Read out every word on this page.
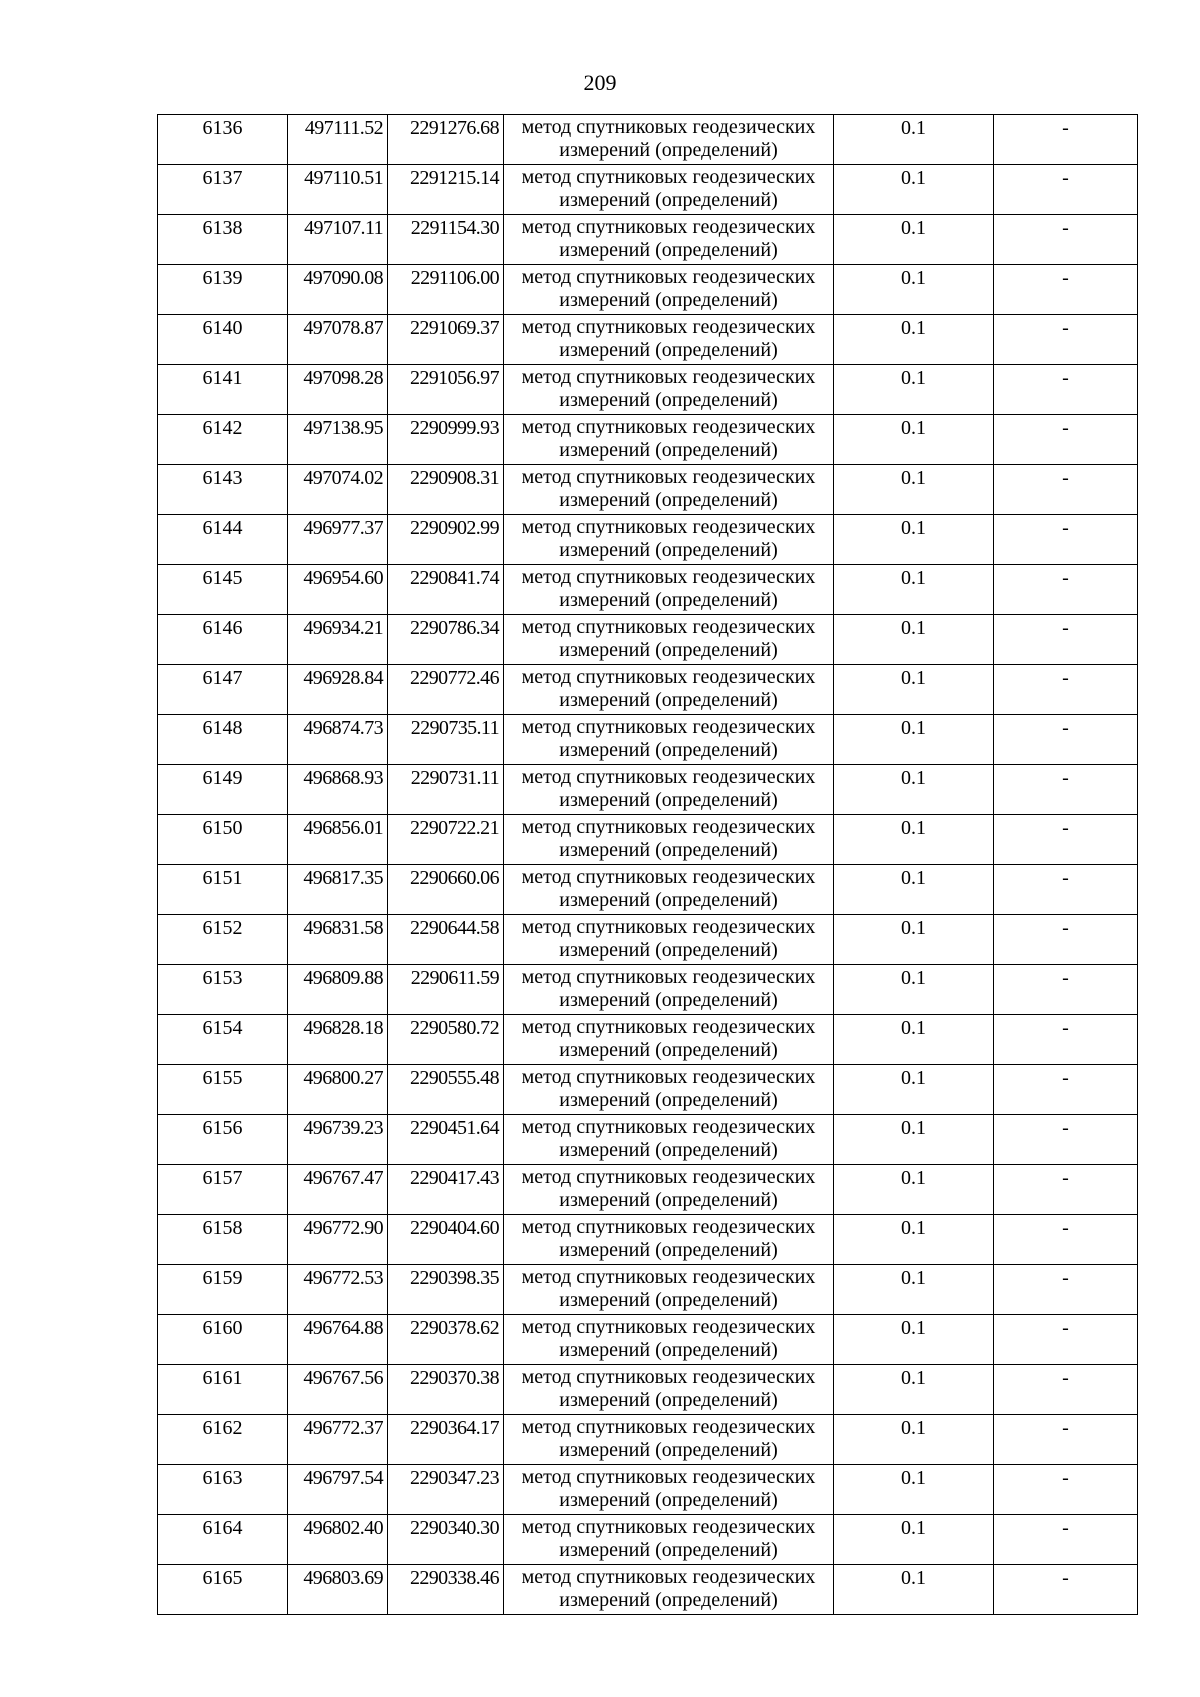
209
6136	497111.52	2291276.68	метод спутниковых геодезических
измерений (определений)	0.1	-
6137	497110.51	2291215.14	метод спутниковых геодезических
измерений (определений)	0.1	-
6138	497107.11	2291154.30	метод спутниковых геодезических
измерений (определений)	0.1	-
6139	497090.08	2291106.00	метод спутниковых геодезических
измерений (определений)	0.1	-
6140	497078.87	2291069.37	метод спутниковых геодезических
измерений (определений)	0.1	-
6141	497098.28	2291056.97	метод спутниковых геодезических
измерений (определений)	0.1	-
6142	497138.95	2290999.93	метод спутниковых геодезических
измерений (определений)	0.1	-
6143	497074.02	2290908.31	метод спутниковых геодезических
измерений (определений)	0.1	-
6144	496977.37	2290902.99	метод спутниковых геодезических
измерений (определений)	0.1	-
6145	496954.60	2290841.74	метод спутниковых геодезических
измерений (определений)	0.1	-
6146	496934.21	2290786.34	метод спутниковых геодезических
измерений (определений)	0.1	-
6147	496928.84	2290772.46	метод спутниковых геодезических
измерений (определений)	0.1	-
6148	496874.73	2290735.11	метод спутниковых геодезических
измерений (определений)	0.1	-
6149	496868.93	2290731.11	метод спутниковых геодезических
измерений (определений)	0.1	-
6150	496856.01	2290722.21	метод спутниковых геодезических
измерений (определений)	0.1	-
6151	496817.35	2290660.06	метод спутниковых геодезических
измерений (определений)	0.1	-
6152	496831.58	2290644.58	метод спутниковых геодезических
измерений (определений)	0.1	-
6153	496809.88	2290611.59	метод спутниковых геодезических
измерений (определений)	0.1	-
6154	496828.18	2290580.72	метод спутниковых геодезических
измерений (определений)	0.1	-
6155	496800.27	2290555.48	метод спутниковых геодезических
измерений (определений)	0.1	-
6156	496739.23	2290451.64	метод спутниковых геодезических
измерений (определений)	0.1	-
6157	496767.47	2290417.43	метод спутниковых геодезических
измерений (определений)	0.1	-
6158	496772.90	2290404.60	метод спутниковых геодезических
измерений (определений)	0.1	-
6159	496772.53	2290398.35	метод спутниковых геодезических
измерений (определений)	0.1	-
6160	496764.88	2290378.62	метод спутниковых геодезических
измерений (определений)	0.1	-
6161	496767.56	2290370.38	метод спутниковых геодезических
измерений (определений)	0.1	-
6162	496772.37	2290364.17	метод спутниковых геодезических
измерений (определений)	0.1	-
6163	496797.54	2290347.23	метод спутниковых геодезических
измерений (определений)	0.1	-
6164	496802.40	2290340.30	метод спутниковых геодезических
измерений (определений)	0.1	-
6165	496803.69	2290338.46	метод спутниковых геодезических
измерений (определений)	0.1	-
